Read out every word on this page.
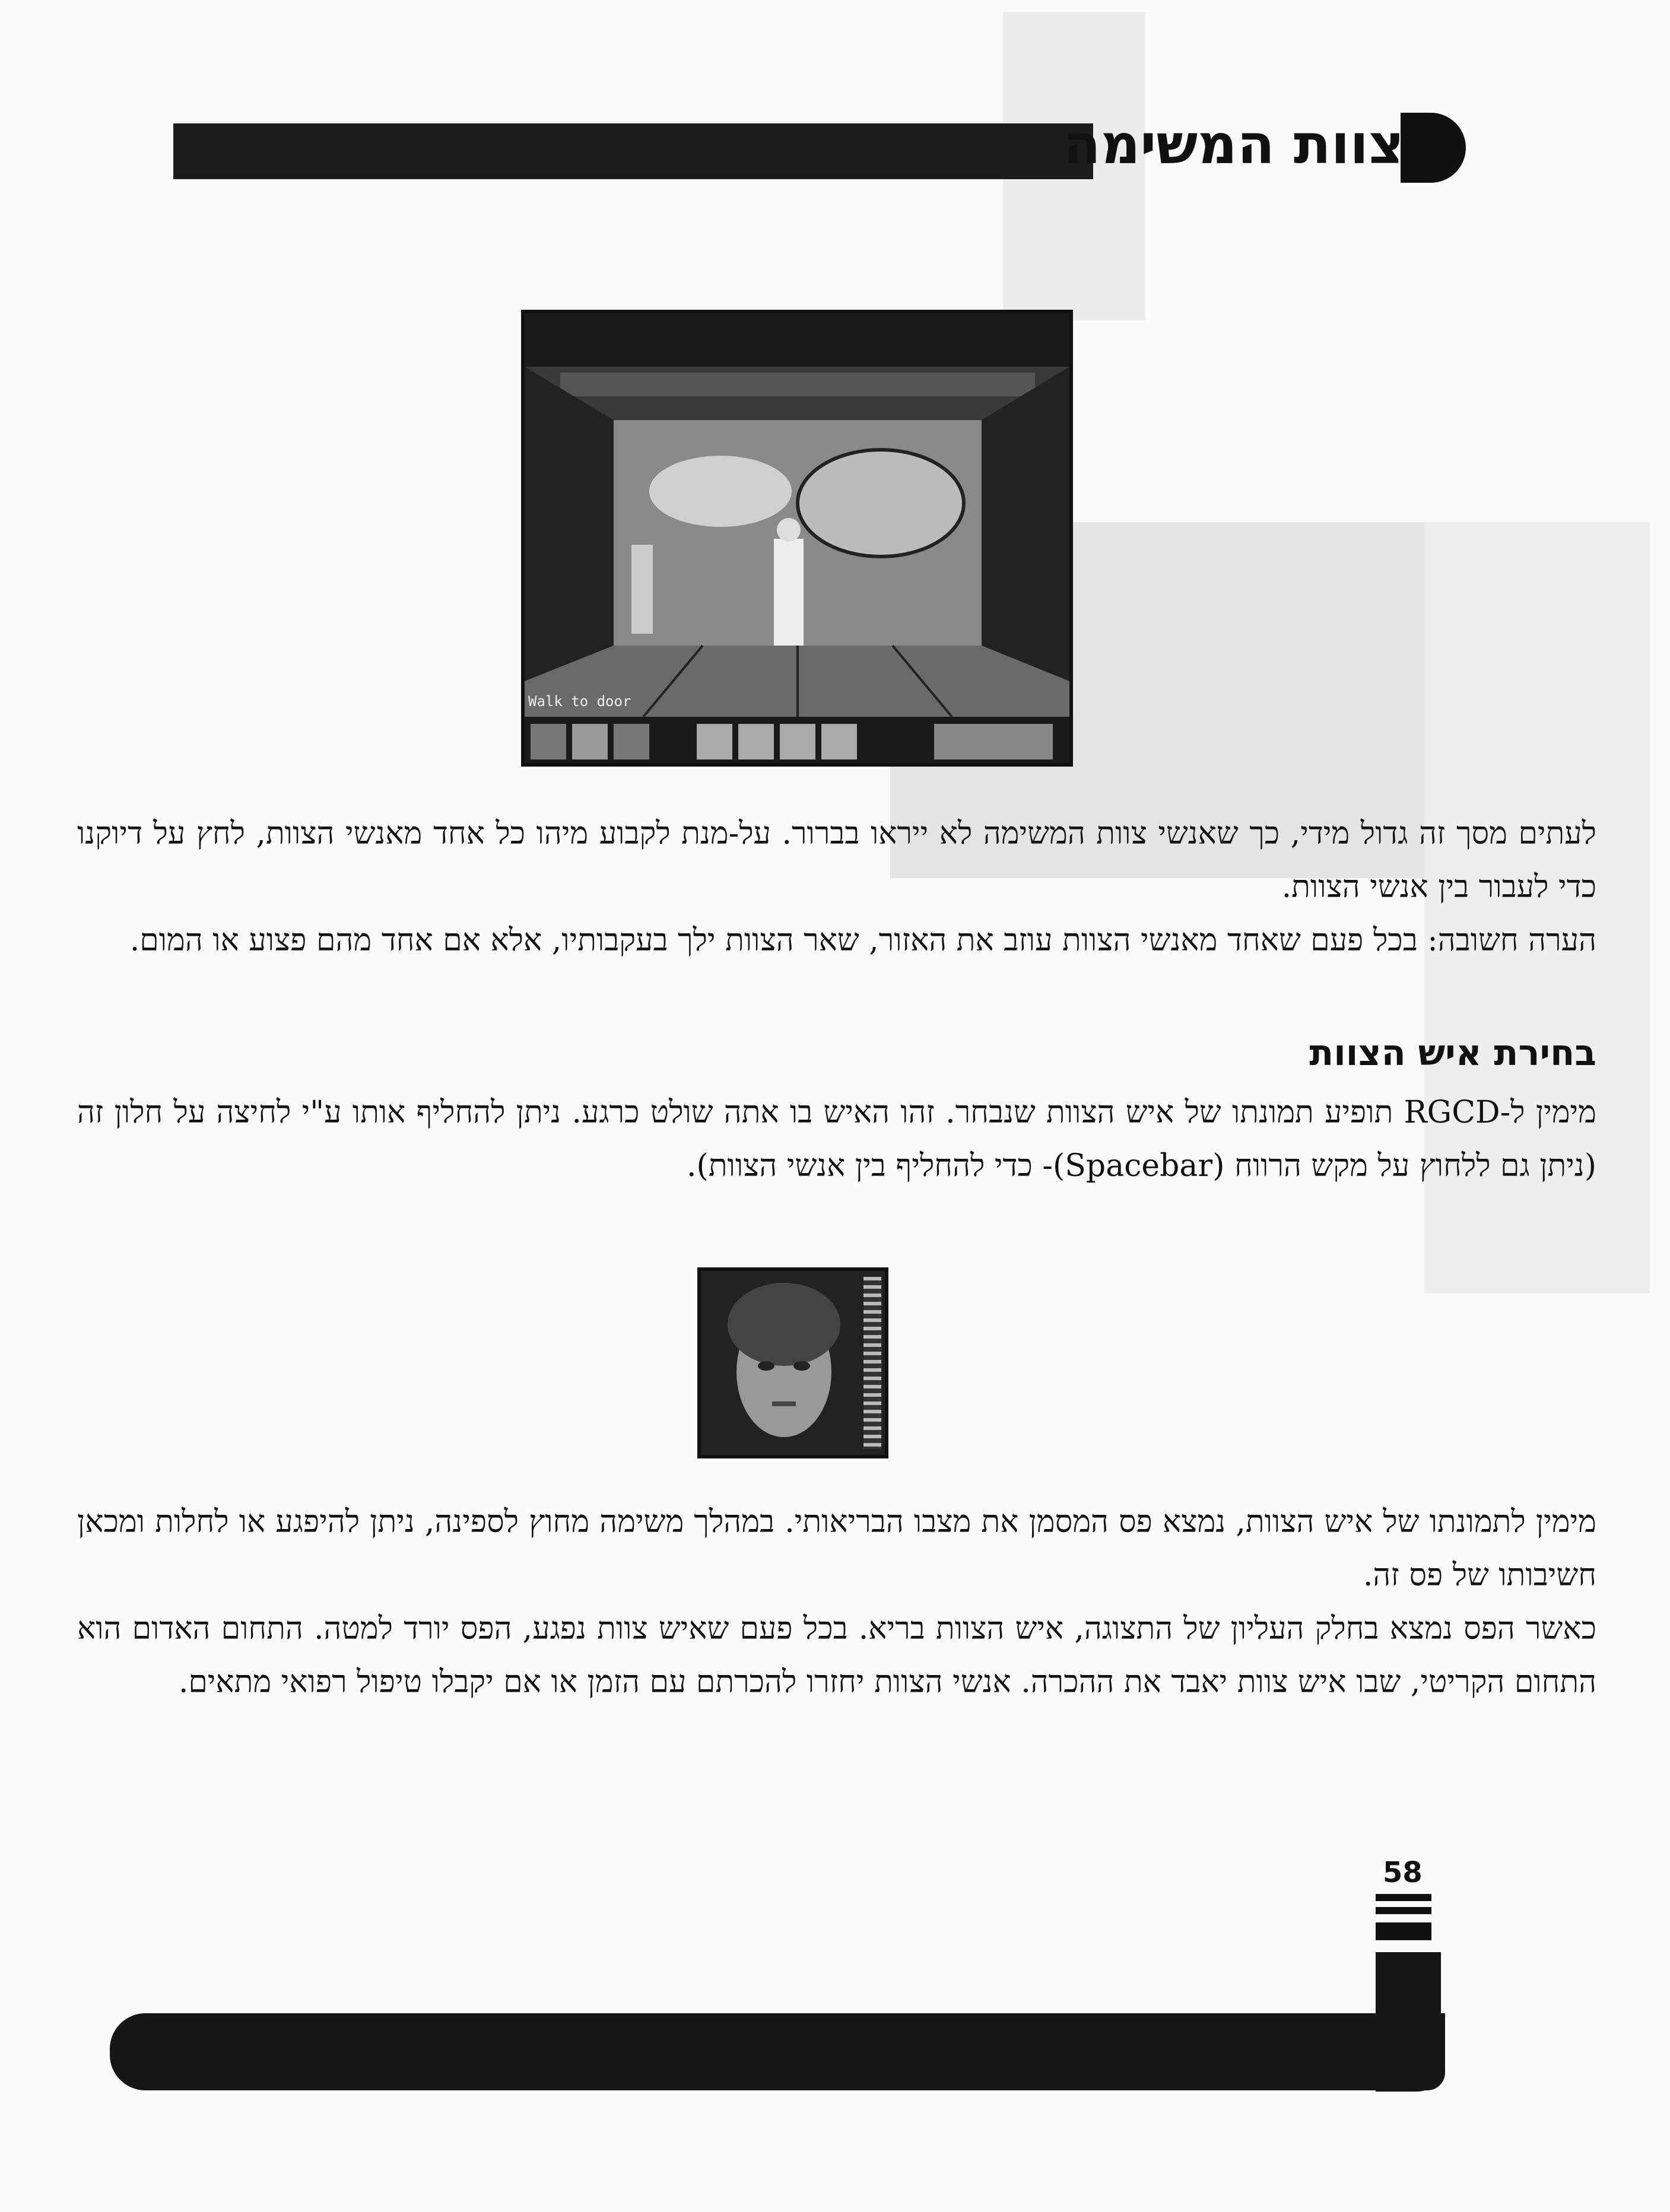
צוות המשימה
Walk to door
לעתים מסך זה גדול מידי, כך שאנשי צוות המשימה לא ייראו בברור. על-מנת לקבוע מיהו כל אחד מאנשי הצוות, לחץ על דיוקנו כדי לעבור בין אנשי הצוות.
הערה חשובה: בכל פעם שאחד מאנשי הצוות עוזב את האזור, שאר הצוות ילך בעקבותיו, אלא אם אחד מהם פצוע או המום.
בחירת איש הצוות
מימין ל-RGCD תופיע תמונתו של איש הצוות שנבחר. זהו האיש בו אתה שולט כרגע. ניתן להחליף אותו ע"י לחיצה על חלון זה (ניתן גם ללחוץ על מקש הרווח (Spacebar)- כדי להחליף בין אנשי הצוות).
מימין לתמונתו של איש הצוות, נמצא פס המסמן את מצבו הבריאותי. במהלך משימה מחוץ לספינה, ניתן להיפגע או לחלות ומכאן חשיבותו של פס זה.
כאשר הפס נמצא בחלק העליון של התצוגה, איש הצוות בריא. בכל פעם שאיש צוות נפגע, הפס יורד למטה. התחום האדום הוא התחום הקריטי, שבו איש צוות יאבד את ההכרה. אנשי הצוות יחזרו להכרתם עם הזמן או אם יקבלו טיפול רפואי מתאים.
58
